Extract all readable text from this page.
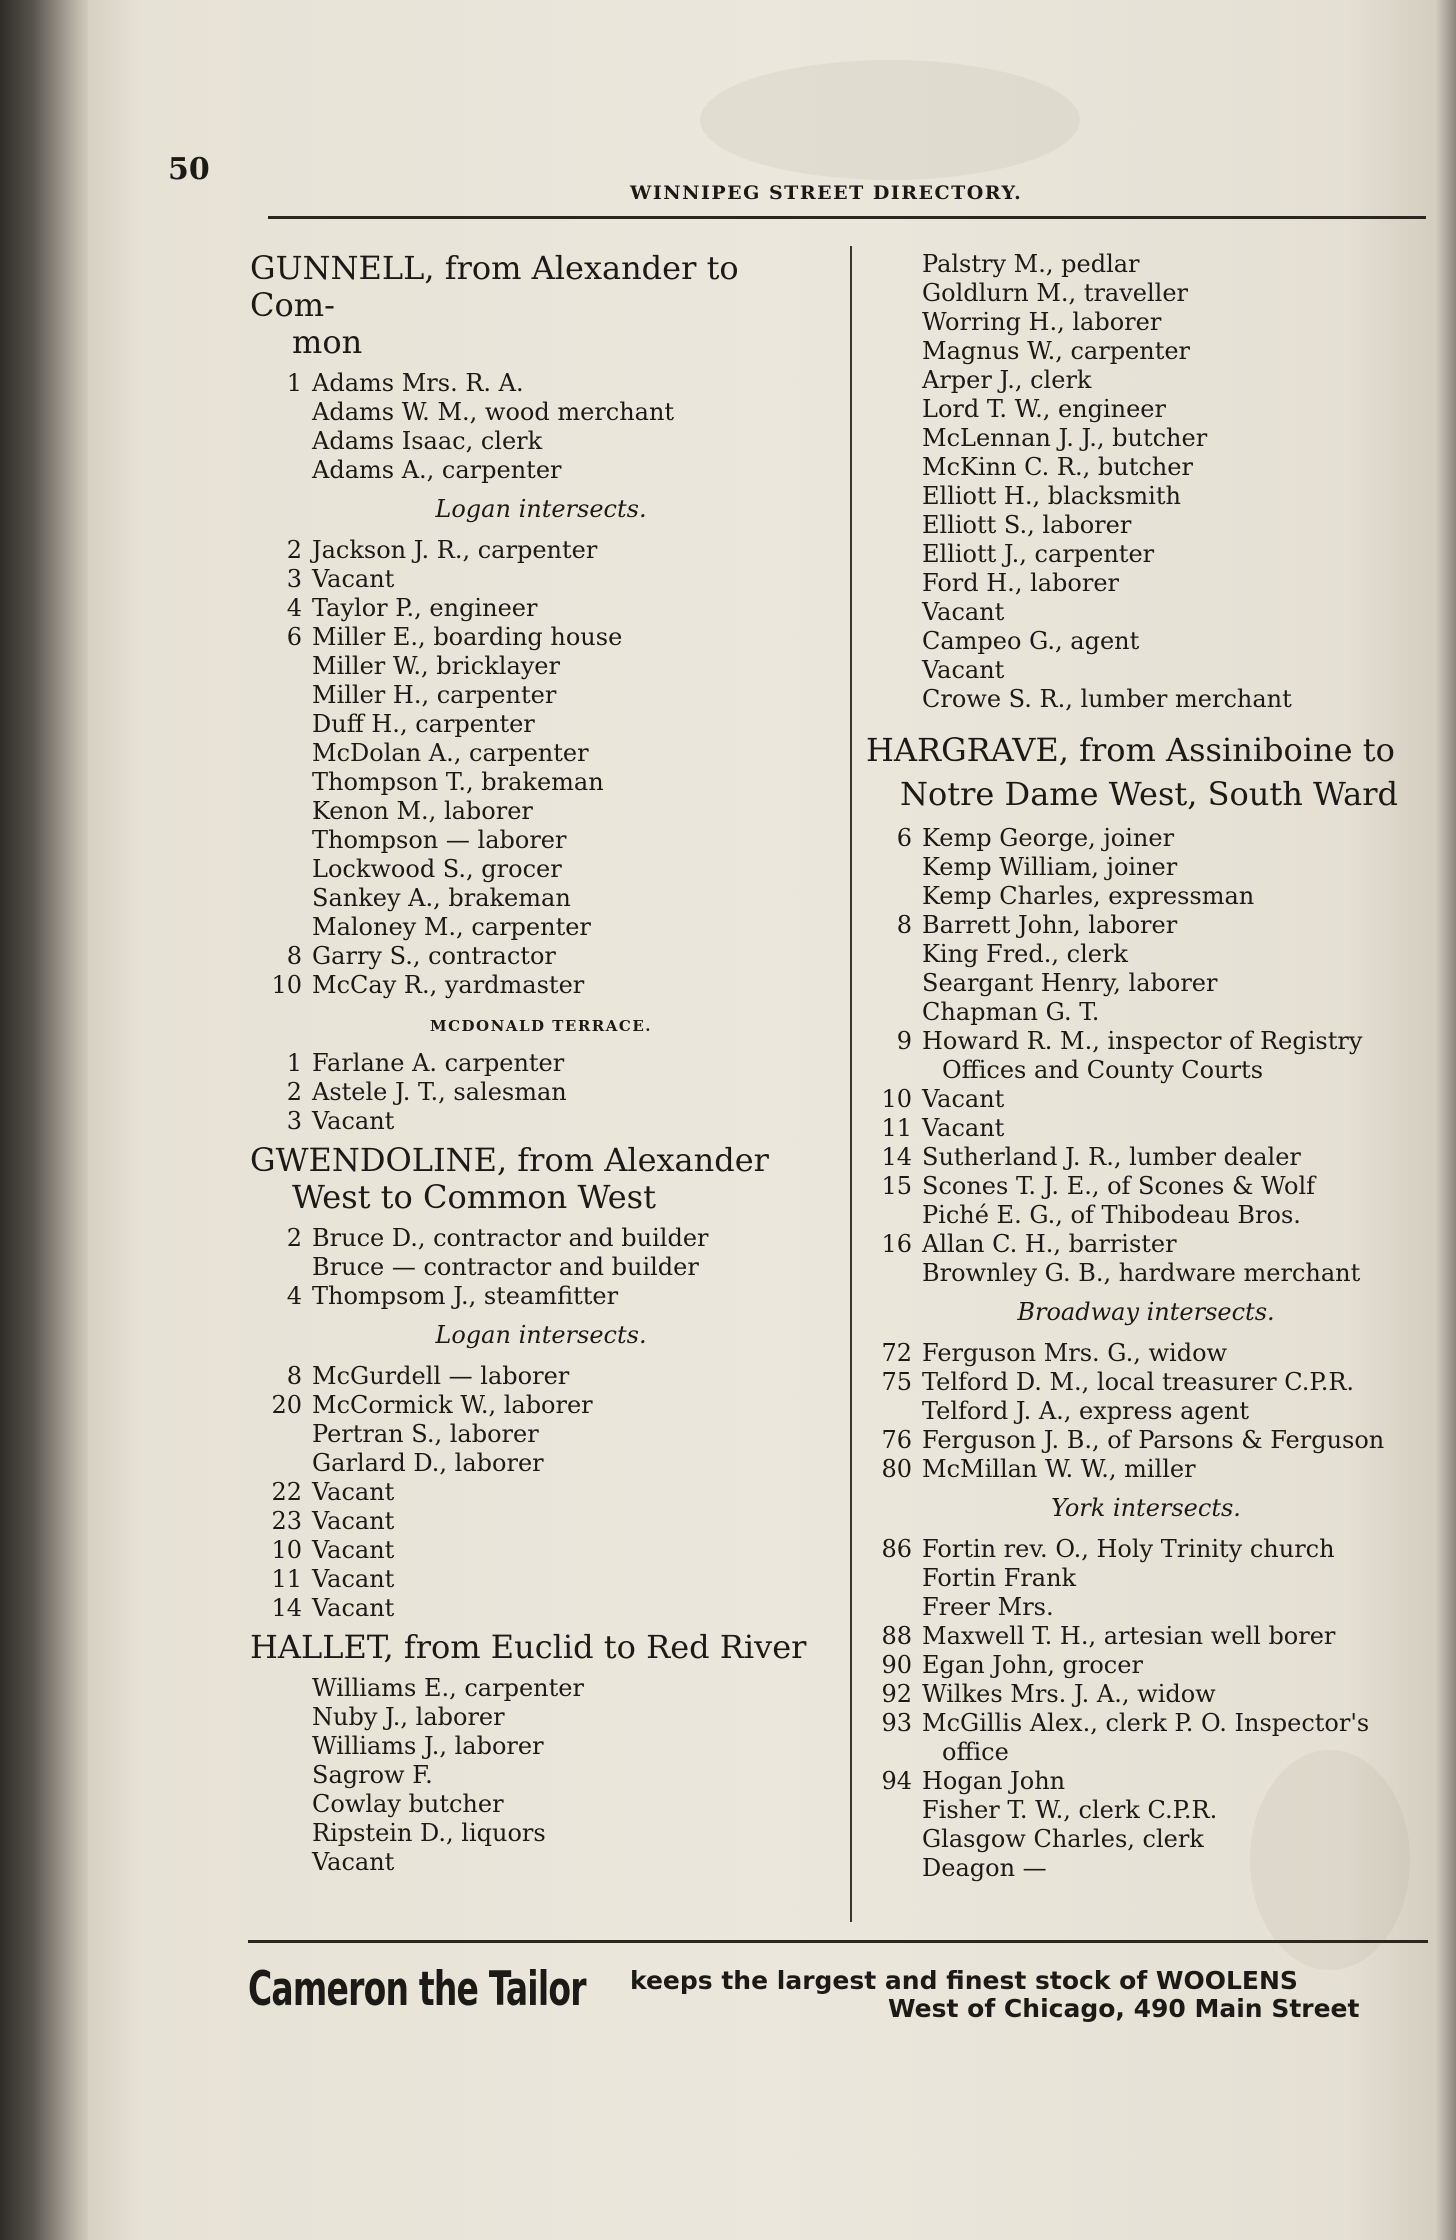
50
WINNIPEG STREET DIRECTORY.
GUNNELL, from Alexander to Com-
mon
1 Adams Mrs. R. A.
Adams W. M., wood merchant
Adams Isaac, clerk
Adams A., carpenter
Logan intersects.
2 Jackson J. R., carpenter
3 Vacant
4 Taylor P., engineer
6 Miller E., boarding house
Miller W., bricklayer
Miller H., carpenter
Duff H., carpenter
McDolan A., carpenter
Thompson T., brakeman
Kenon M., laborer
Thompson — laborer
Lockwood S., grocer
Sankey A., brakeman
Maloney M., carpenter
8 Garry S., contractor
10 McCay R., yardmaster
MCDONALD TERRACE.
1 Farlane A. carpenter
2 Astele J. T., salesman
3 Vacant
GWENDOLINE, from Alexander
West to Common West
2 Bruce D., contractor and builder
Bruce — contractor and builder
4 Thompsom J., steamfitter
Logan intersects.
8 McGurdell — laborer
20 McCormick W., laborer
Pertran S., laborer
Garlard D., laborer
22 Vacant
23 Vacant
10 Vacant
11 Vacant
14 Vacant
HALLET, from Euclid to Red River
Williams E., carpenter
Nuby J., laborer
Williams J., laborer
Sagrow F.
Cowlay butcher
Ripstein D., liquors
Vacant
Palstry M., pedlar
Goldlurn M., traveller
Worring H., laborer
Magnus W., carpenter
Arper J., clerk
Lord T. W., engineer
McLennan J. J., butcher
McKinn C. R., butcher
Elliott H., blacksmith
Elliott S., laborer
Elliott J., carpenter
Ford H., laborer
Vacant
Campeo G., agent
Vacant
Crowe S. R., lumber merchant
HARGRAVE, from Assiniboine to
Notre Dame West, South Ward
6 Kemp George, joiner
Kemp William, joiner
Kemp Charles, expressman
8 Barrett John, laborer
King Fred., clerk
Seargant Henry, laborer
Chapman G. T.
9 Howard R. M., inspector of Registry
Offices and County Courts
10 Vacant
11 Vacant
14 Sutherland J. R., lumber dealer
15 Scones T. J. E., of Scones & Wolf
Piché E. G., of Thibodeau Bros.
16 Allan C. H., barrister
Brownley G. B., hardware merchant
Broadway intersects.
72 Ferguson Mrs. G., widow
75 Telford D. M., local treasurer C.P.R.
Telford J. A., express agent
76 Ferguson J. B., of Parsons & Ferguson
80 McMillan W. W., miller
York intersects.
86 Fortin rev. O., Holy Trinity church
Fortin Frank
Freer Mrs.
88 Maxwell T. H., artesian well borer
90 Egan John, grocer
92 Wilkes Mrs. J. A., widow
93 McGillis Alex., clerk P. O. Inspector's
office
94 Hogan John
Fisher T. W., clerk C.P.R.
Glasgow Charles, clerk
Deagon —
Cameron the Tailor keeps the largest and finest stock of WOOLENS
West of Chicago, 490 Main Street
